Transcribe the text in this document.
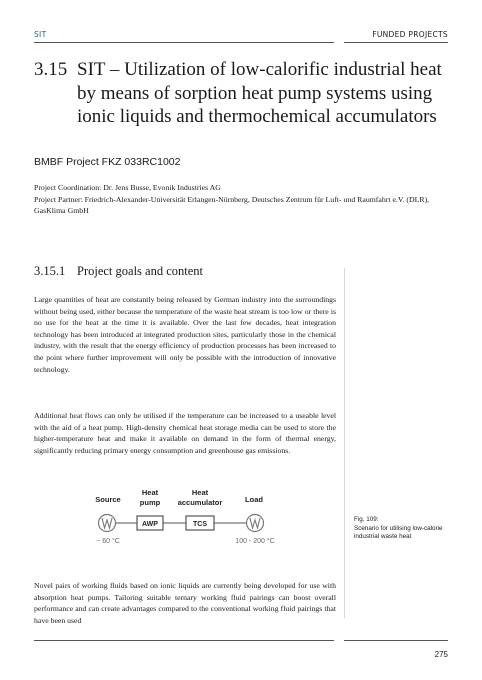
SIT	FUNDED PROJECTS
3.15 SIT – Utilization of low-calorific industrial heat by means of sorption heat pump systems using ionic liquids and thermochemical accumulators
BMBF Project FKZ 033RC1002
Project Coordination: Dr. Jens Busse, Evonik Industries AG
Project Partner: Friedrich-Alexander-Universität Erlangen-Nürnberg, Deutsches Zentrum für Luft- und Raumfahrt e.V. (DLR), GasKlima GmbH
3.15.1 Project goals and content
Large quantities of heat are constantly being released by German industry into the surroundings without being used, either because the temperature of the waste heat stream is too low or there is no use for the heat at the time it is available. Over the last few decades, heat integration technology has been introduced at integrated production sites, particularly those in the chemical industry, with the result that the energy efficiency of production processes has been increased to the point where further improvement will only be possible with the introduction of innovative technology.
Additional heat flows can only be utilised if the temperature can be increased to a useable level with the aid of a heat pump. High-density chemical heat storage media can be used to store the higher-temperature heat and make it available on demand in the form of thermal energy, significantly reducing primary energy consumption and greenhouse gas emissions.
Source
Heat
pump
Heat
accumulator	Load
AWP	TCS
~ 60 °C	100 - 200 °C
Fig. 109:
Scenario for utilising low-calorie industrial waste heat
Novel pairs of working fluids based on ionic liquids are currently being developed for use with absorption heat pumps. Tailoring suitable ternary working fluid pairings can boost overall performance and can create advantages compared to the conventional working fluid pairings that have been used
275
